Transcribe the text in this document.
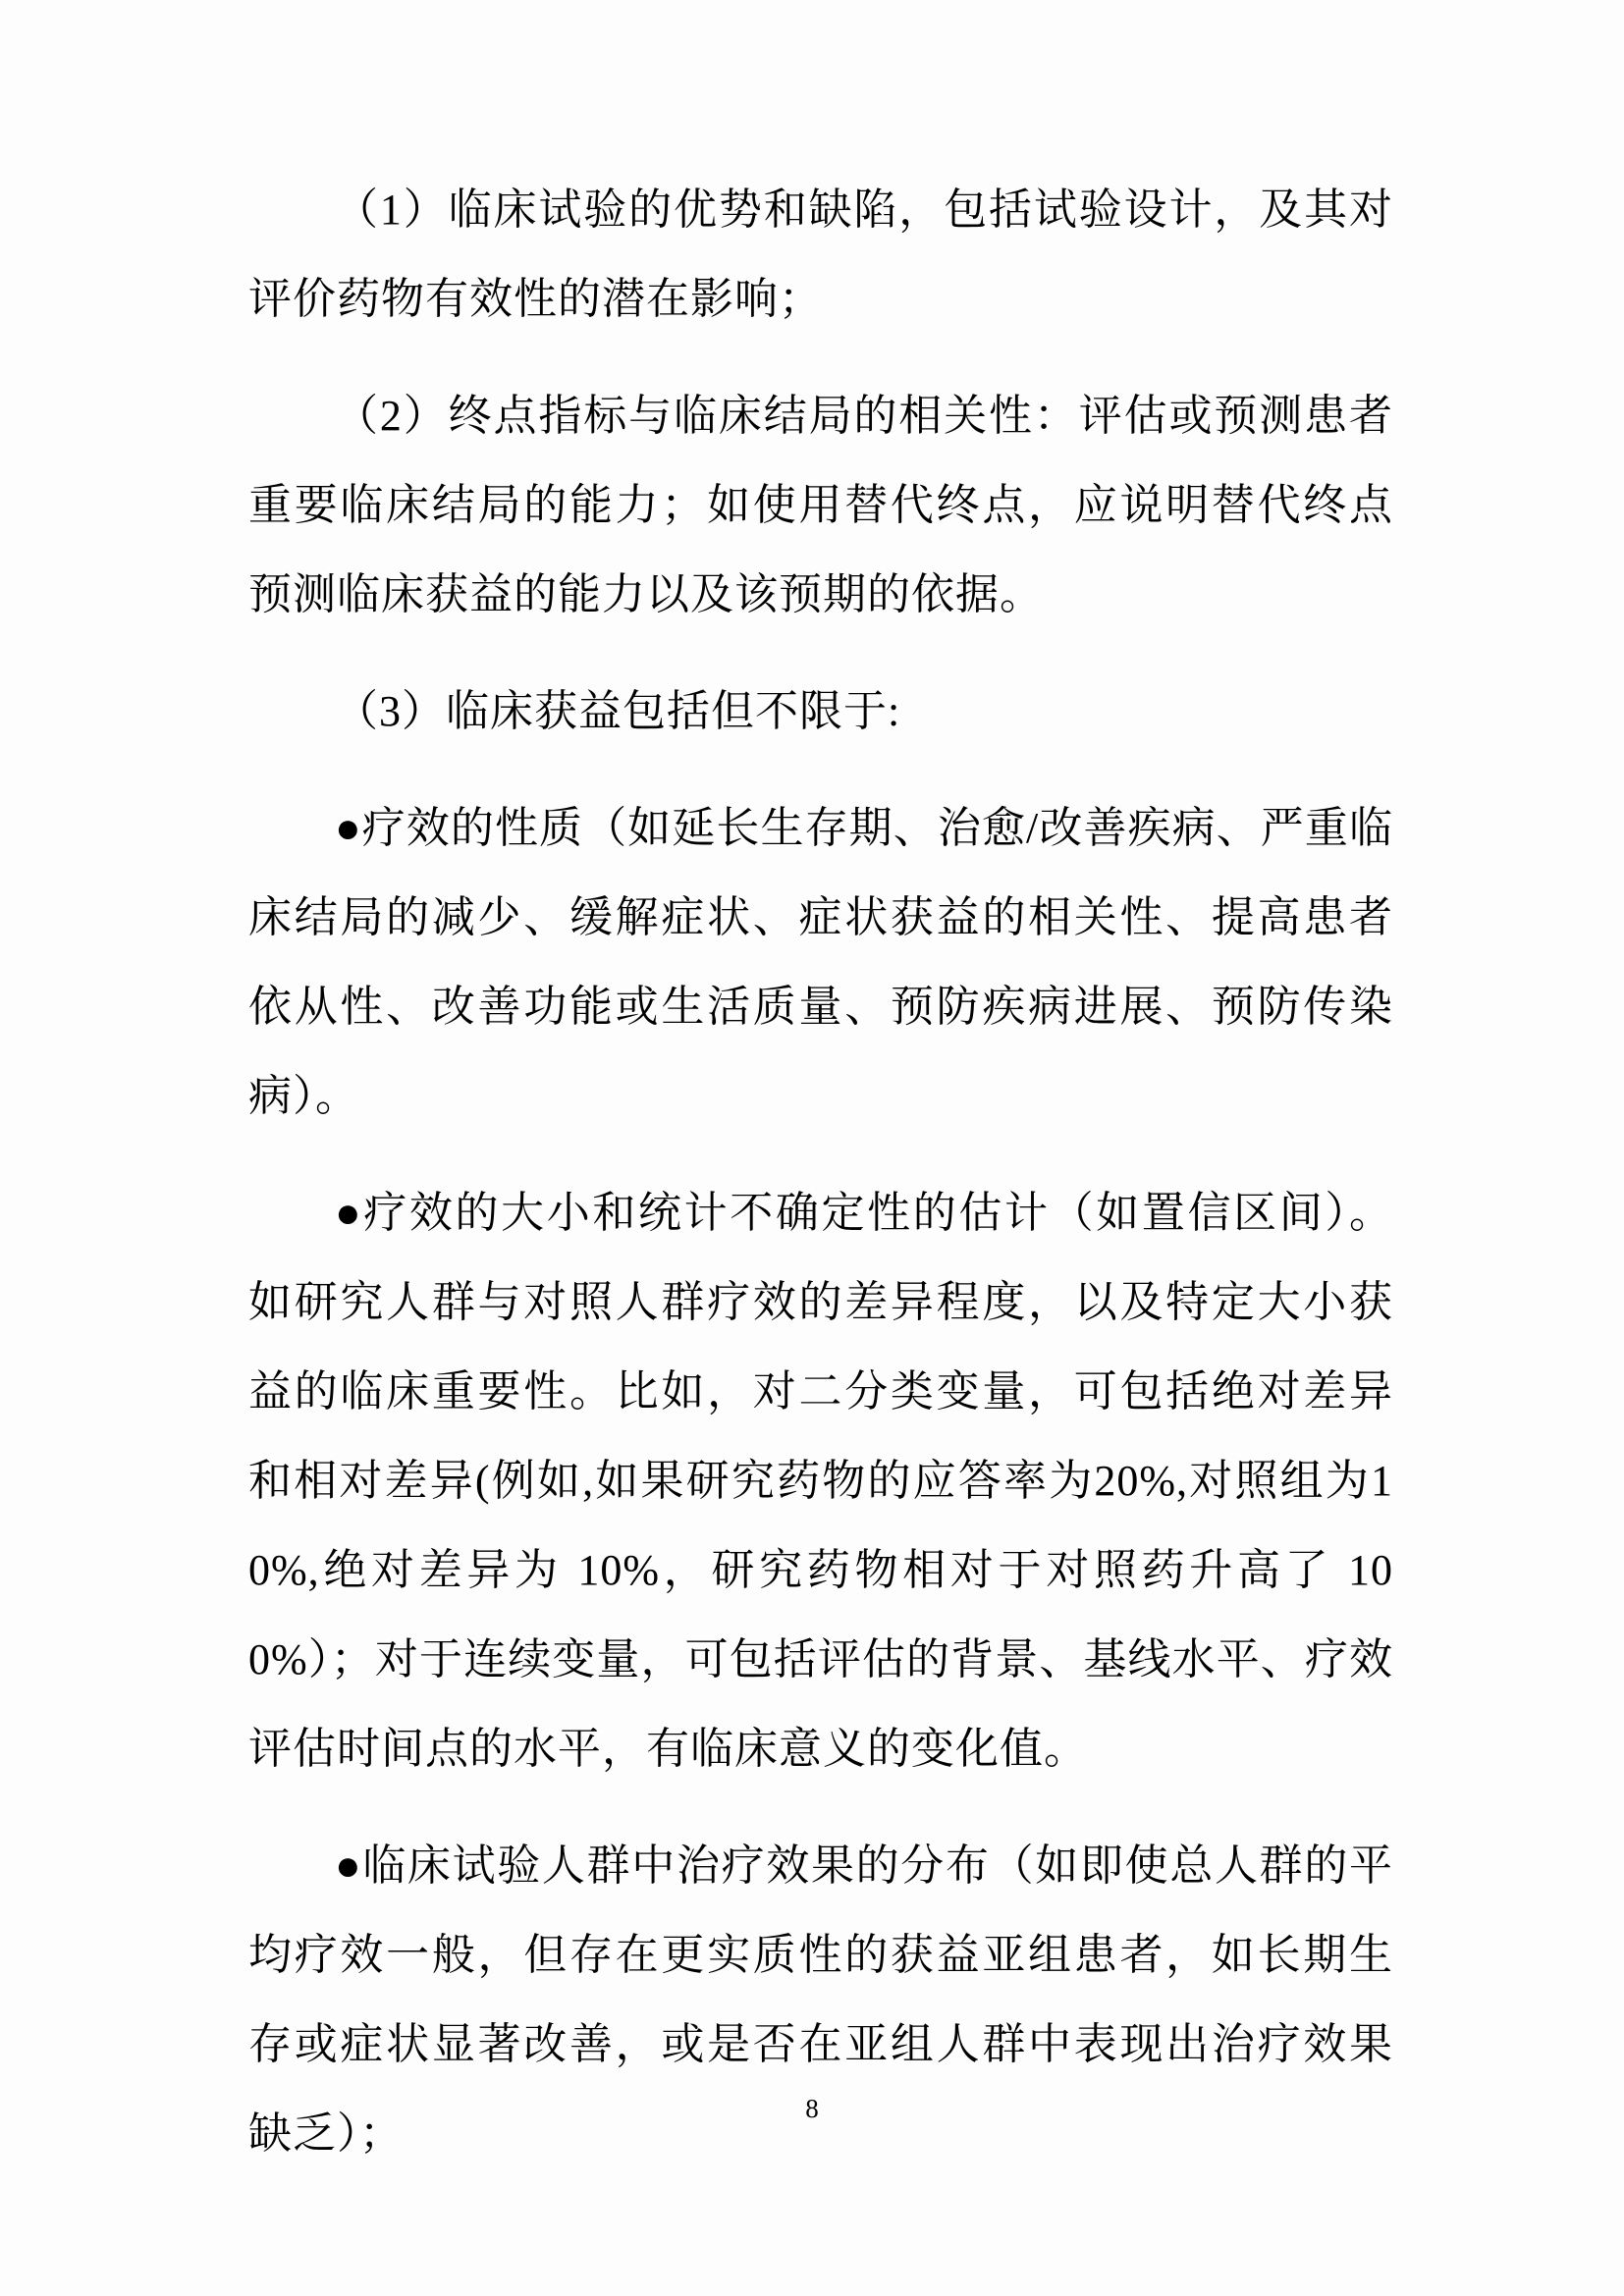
（1）临床试验的优势和缺陷，包括试验设计，及其对评价药物有效性的潜在影响；

（2）终点指标与临床结局的相关性：评估或预测患者重要临床结局的能力；如使用替代终点，应说明替代终点预测临床获益的能力以及该预期的依据。

（3）临床获益包括但不限于:

●疗效的性质（如延长生存期、治愈/改善疾病、严重临床结局的减少、缓解症状、症状获益的相关性、提高患者依从性、改善功能或生活质量、预防疾病进展、预防传染病）。

●疗效的大小和统计不确定性的估计（如置信区间）。如研究人群与对照人群疗效的差异程度，以及特定大小获益的临床重要性。比如，对二分类变量，可包括绝对差异和相对差异(例如,如果研究药物的应答率为20%,对照组为10%,绝对差异为 10%，研究药物相对于对照药升高了 100%）；对于连续变量，可包括评估的背景、基线水平、疗效评估时间点的水平，有临床意义的变化值。

●临床试验人群中治疗效果的分布（如即使总人群的平均疗效一般，但存在更实质性的获益亚组患者，如长期生存或症状显著改善，或是否在亚组人群中表现出治疗效果缺乏）；

8
